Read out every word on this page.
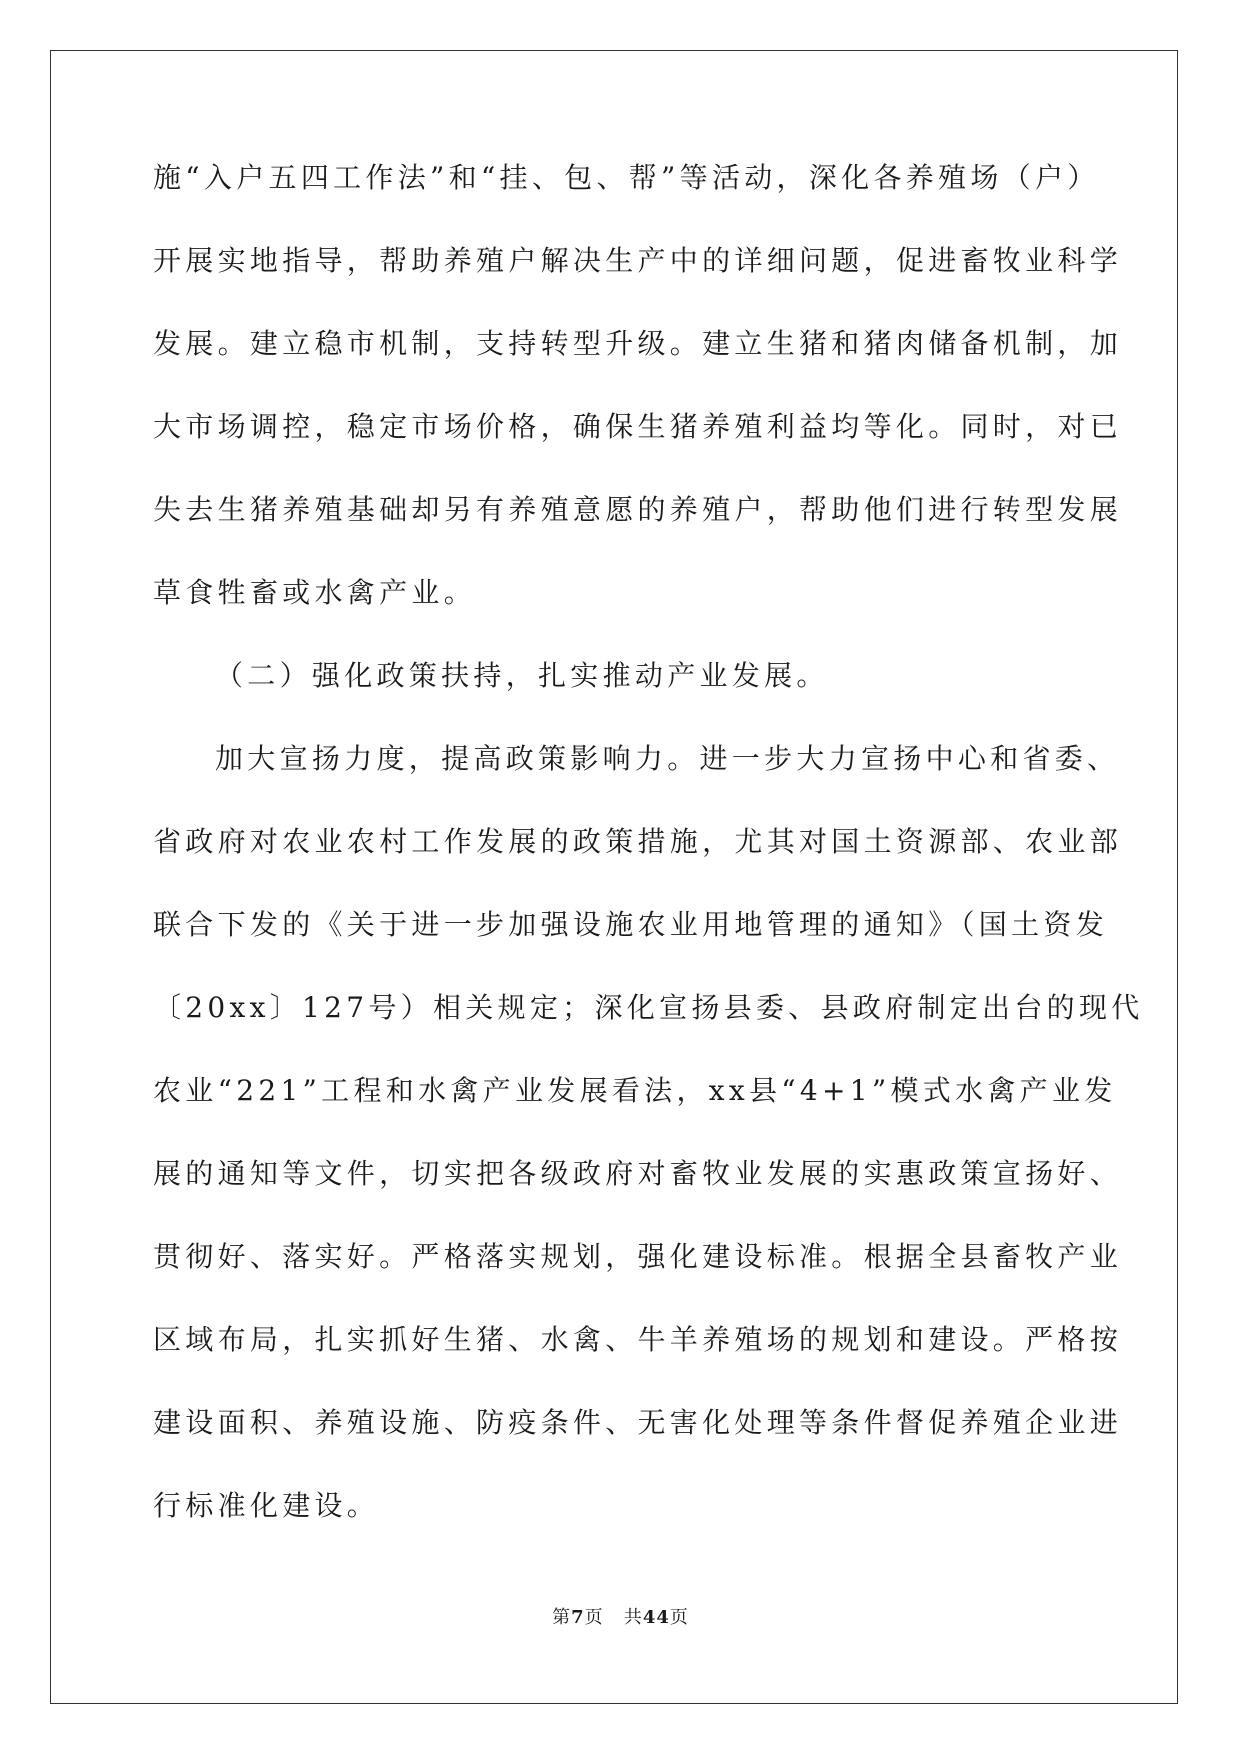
施“入户五四工作法”和“挂、包、帮”等活动，深化各养殖场（户）
开展实地指导，帮助养殖户解决生产中的详细问题，促进畜牧业科学
发展。建立稳市机制，支持转型升级。建立生猪和猪肉储备机制，加
大市场调控，稳定市场价格，确保生猪养殖利益均等化。同时，对已
失去生猪养殖基础却另有养殖意愿的养殖户，帮助他们进行转型发展
草食牲畜或水禽产业。
（二）强化政策扶持，扎实推动产业发展。
加大宣扬力度，提高政策影响力。进一步大力宣扬中心和省委、
省政府对农业农村工作发展的政策措施，尤其对国土资源部、农业部
联合下发的《关于进一步加强设施农业用地管理的通知》（国土资发
〔20xx〕127号）相关规定；深化宣扬县委、县政府制定出台的现代
农业“221”工程和水禽产业发展看法，xx县“4+1”模式水禽产业发
展的通知等文件，切实把各级政府对畜牧业发展的实惠政策宣扬好、
贯彻好、落实好。严格落实规划，强化建设标准。根据全县畜牧产业
区域布局，扎实抓好生猪、水禽、牛羊养殖场的规划和建设。严格按
建设面积、养殖设施、防疫条件、无害化处理等条件督促养殖企业进
行标准化建设。
第7页 共44页
